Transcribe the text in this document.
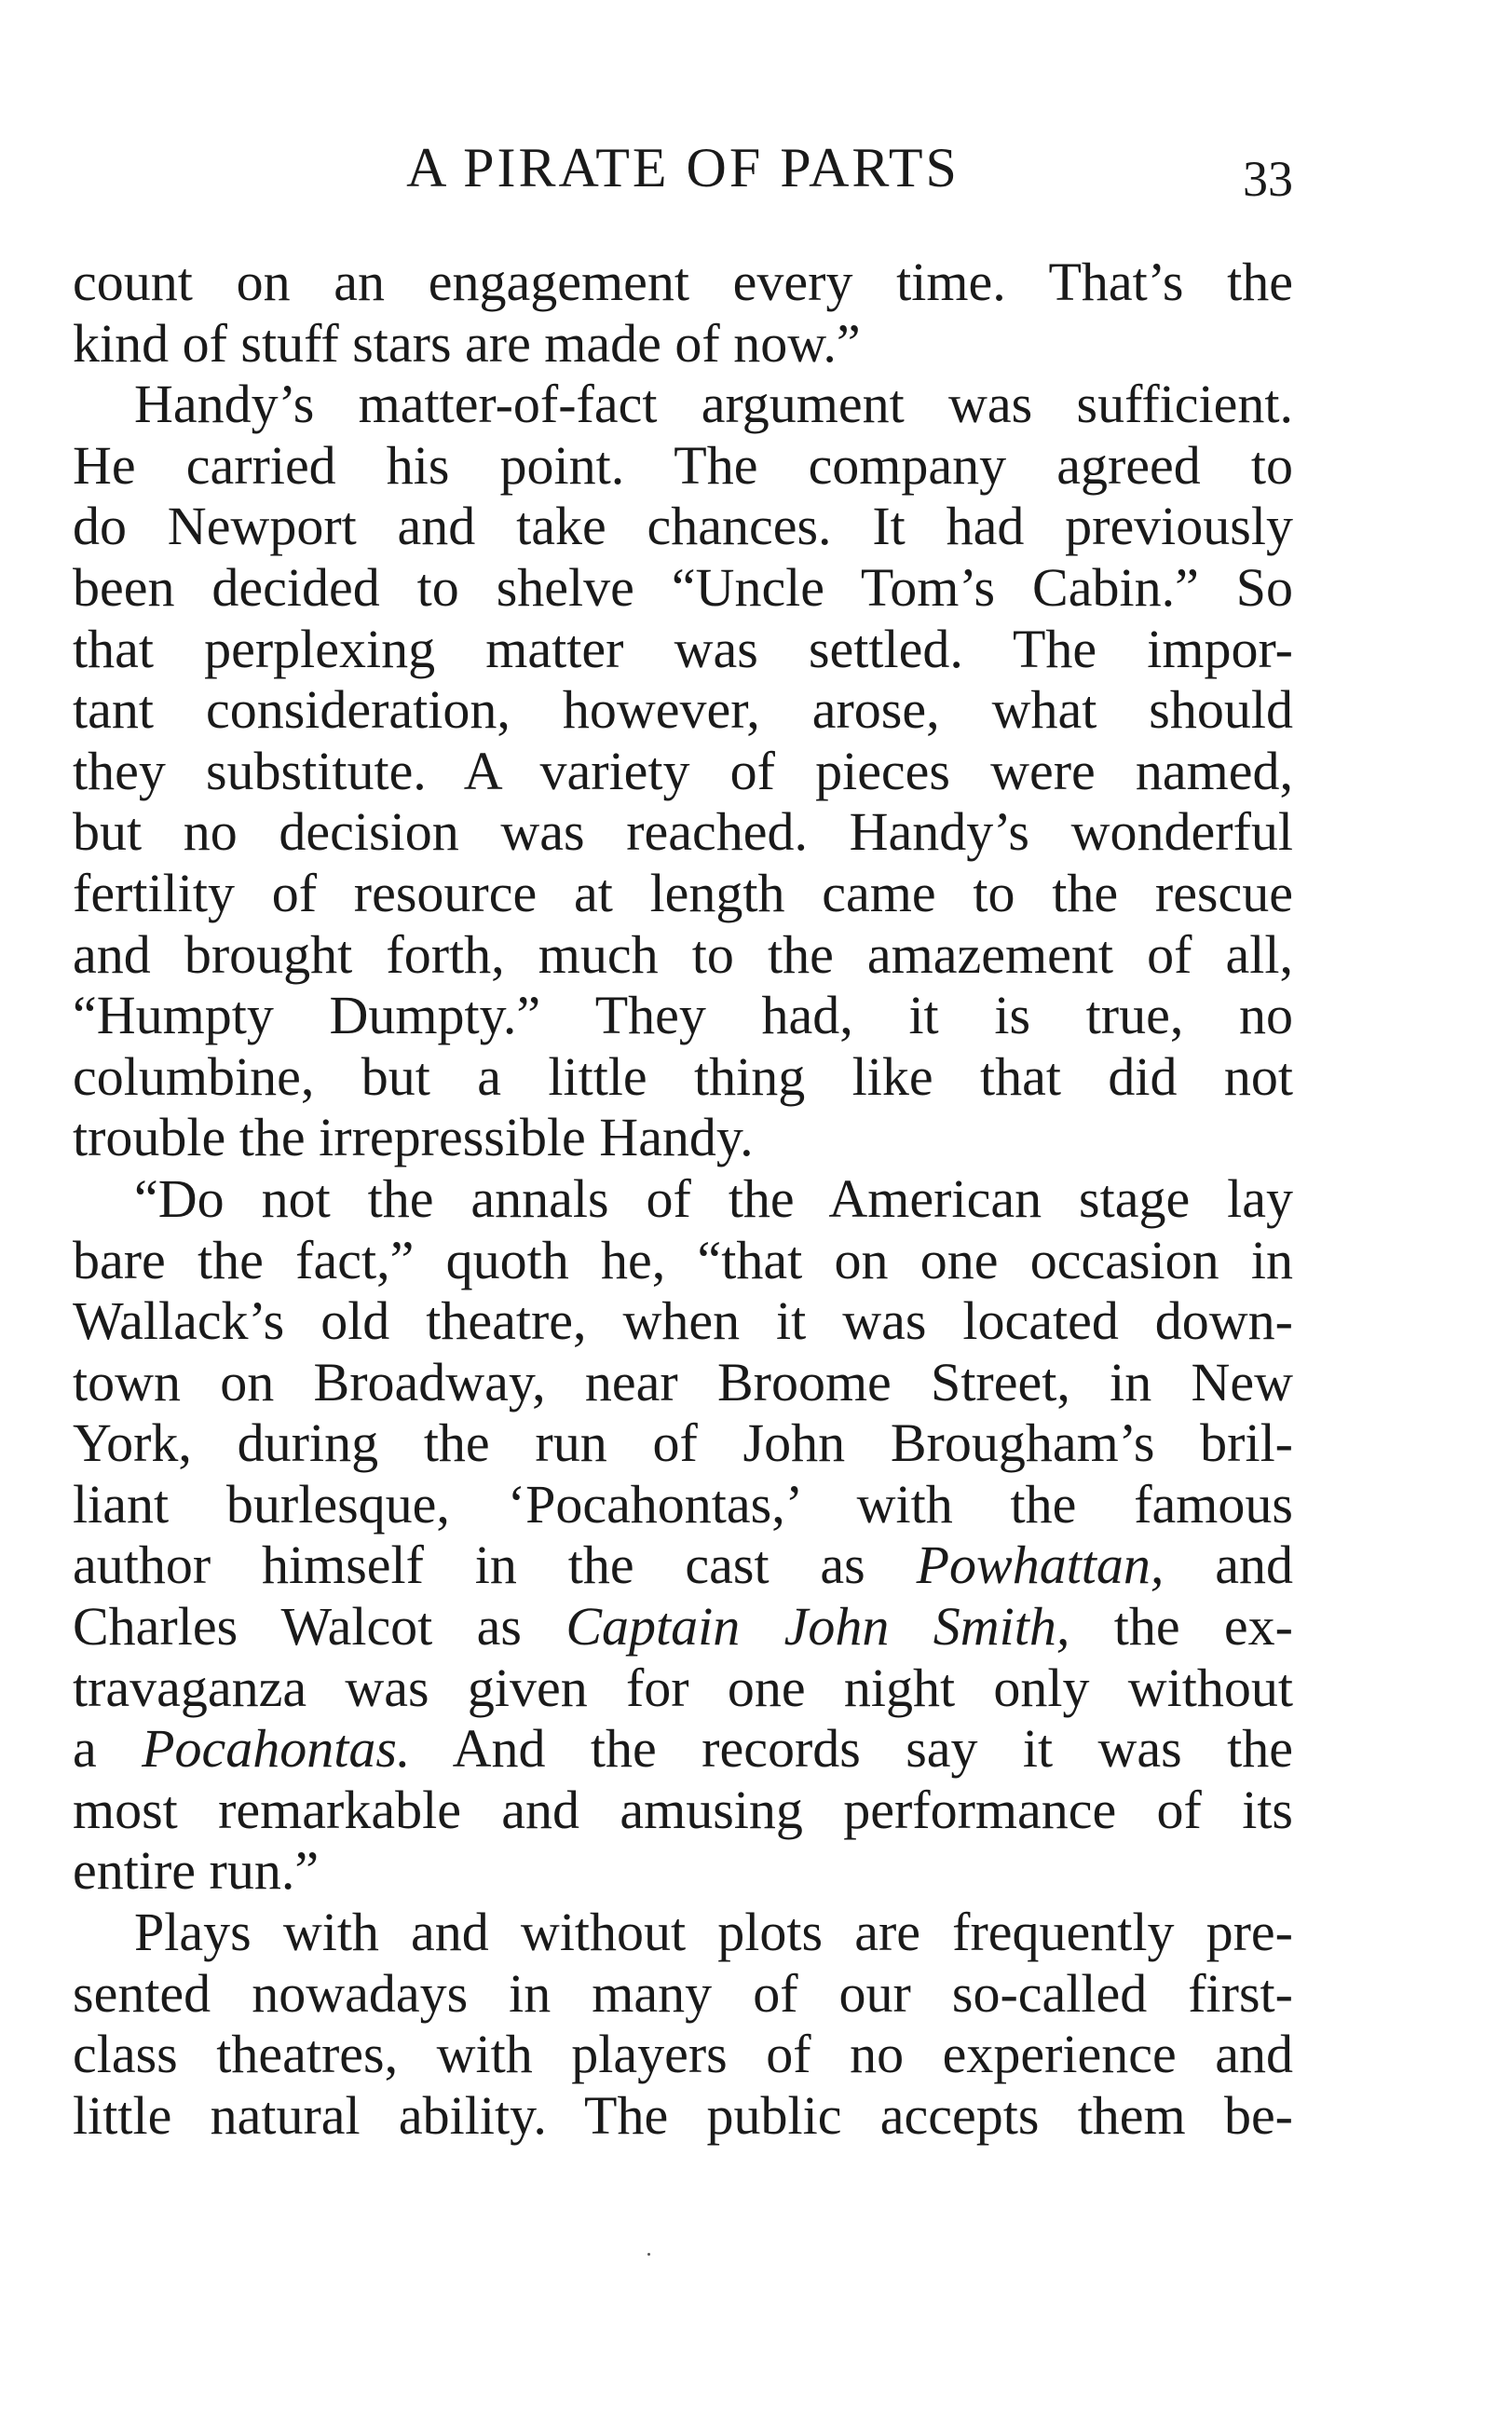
A PIRATE OF PARTS	33
count on an engagement every time. That’s the
kind of stuff stars are made of now.”
Handy’s matter-of-fact argument was sufficient.
He carried his point. The company agreed to
do Newport and take chances. It had previously
been decided to shelve “Uncle Tom’s Cabin.” So
that perplexing matter was settled. The impor-
tant consideration, however, arose, what should
they substitute. A variety of pieces were named,
but no decision was reached. Handy’s wonderful
fertility of resource at length came to the rescue
and brought forth, much to the amazement of all,
“Humpty Dumpty.” They had, it is true, no
columbine, but a little thing like that did not
trouble the irrepressible Handy.
“Do not the annals of the American stage lay
bare the fact,” quoth he, “that on one occasion in
Wallack’s old theatre, when it was located down-
town on Broadway, near Broome Street, in New
York, during the run of John Brougham’s bril-
liant burlesque, ‘Pocahontas,’ with the famous
author himself in the cast as Powhattan, and
Charles Walcot as Captain John Smith, the ex-
travaganza was given for one night only without
a Pocahontas. And the records say it was the
most remarkable and amusing performance of its
entire run.”
Plays with and without plots are frequently pre-
sented nowadays in many of our so-called first-
class theatres, with players of no experience and
little natural ability. The public accepts them be-
